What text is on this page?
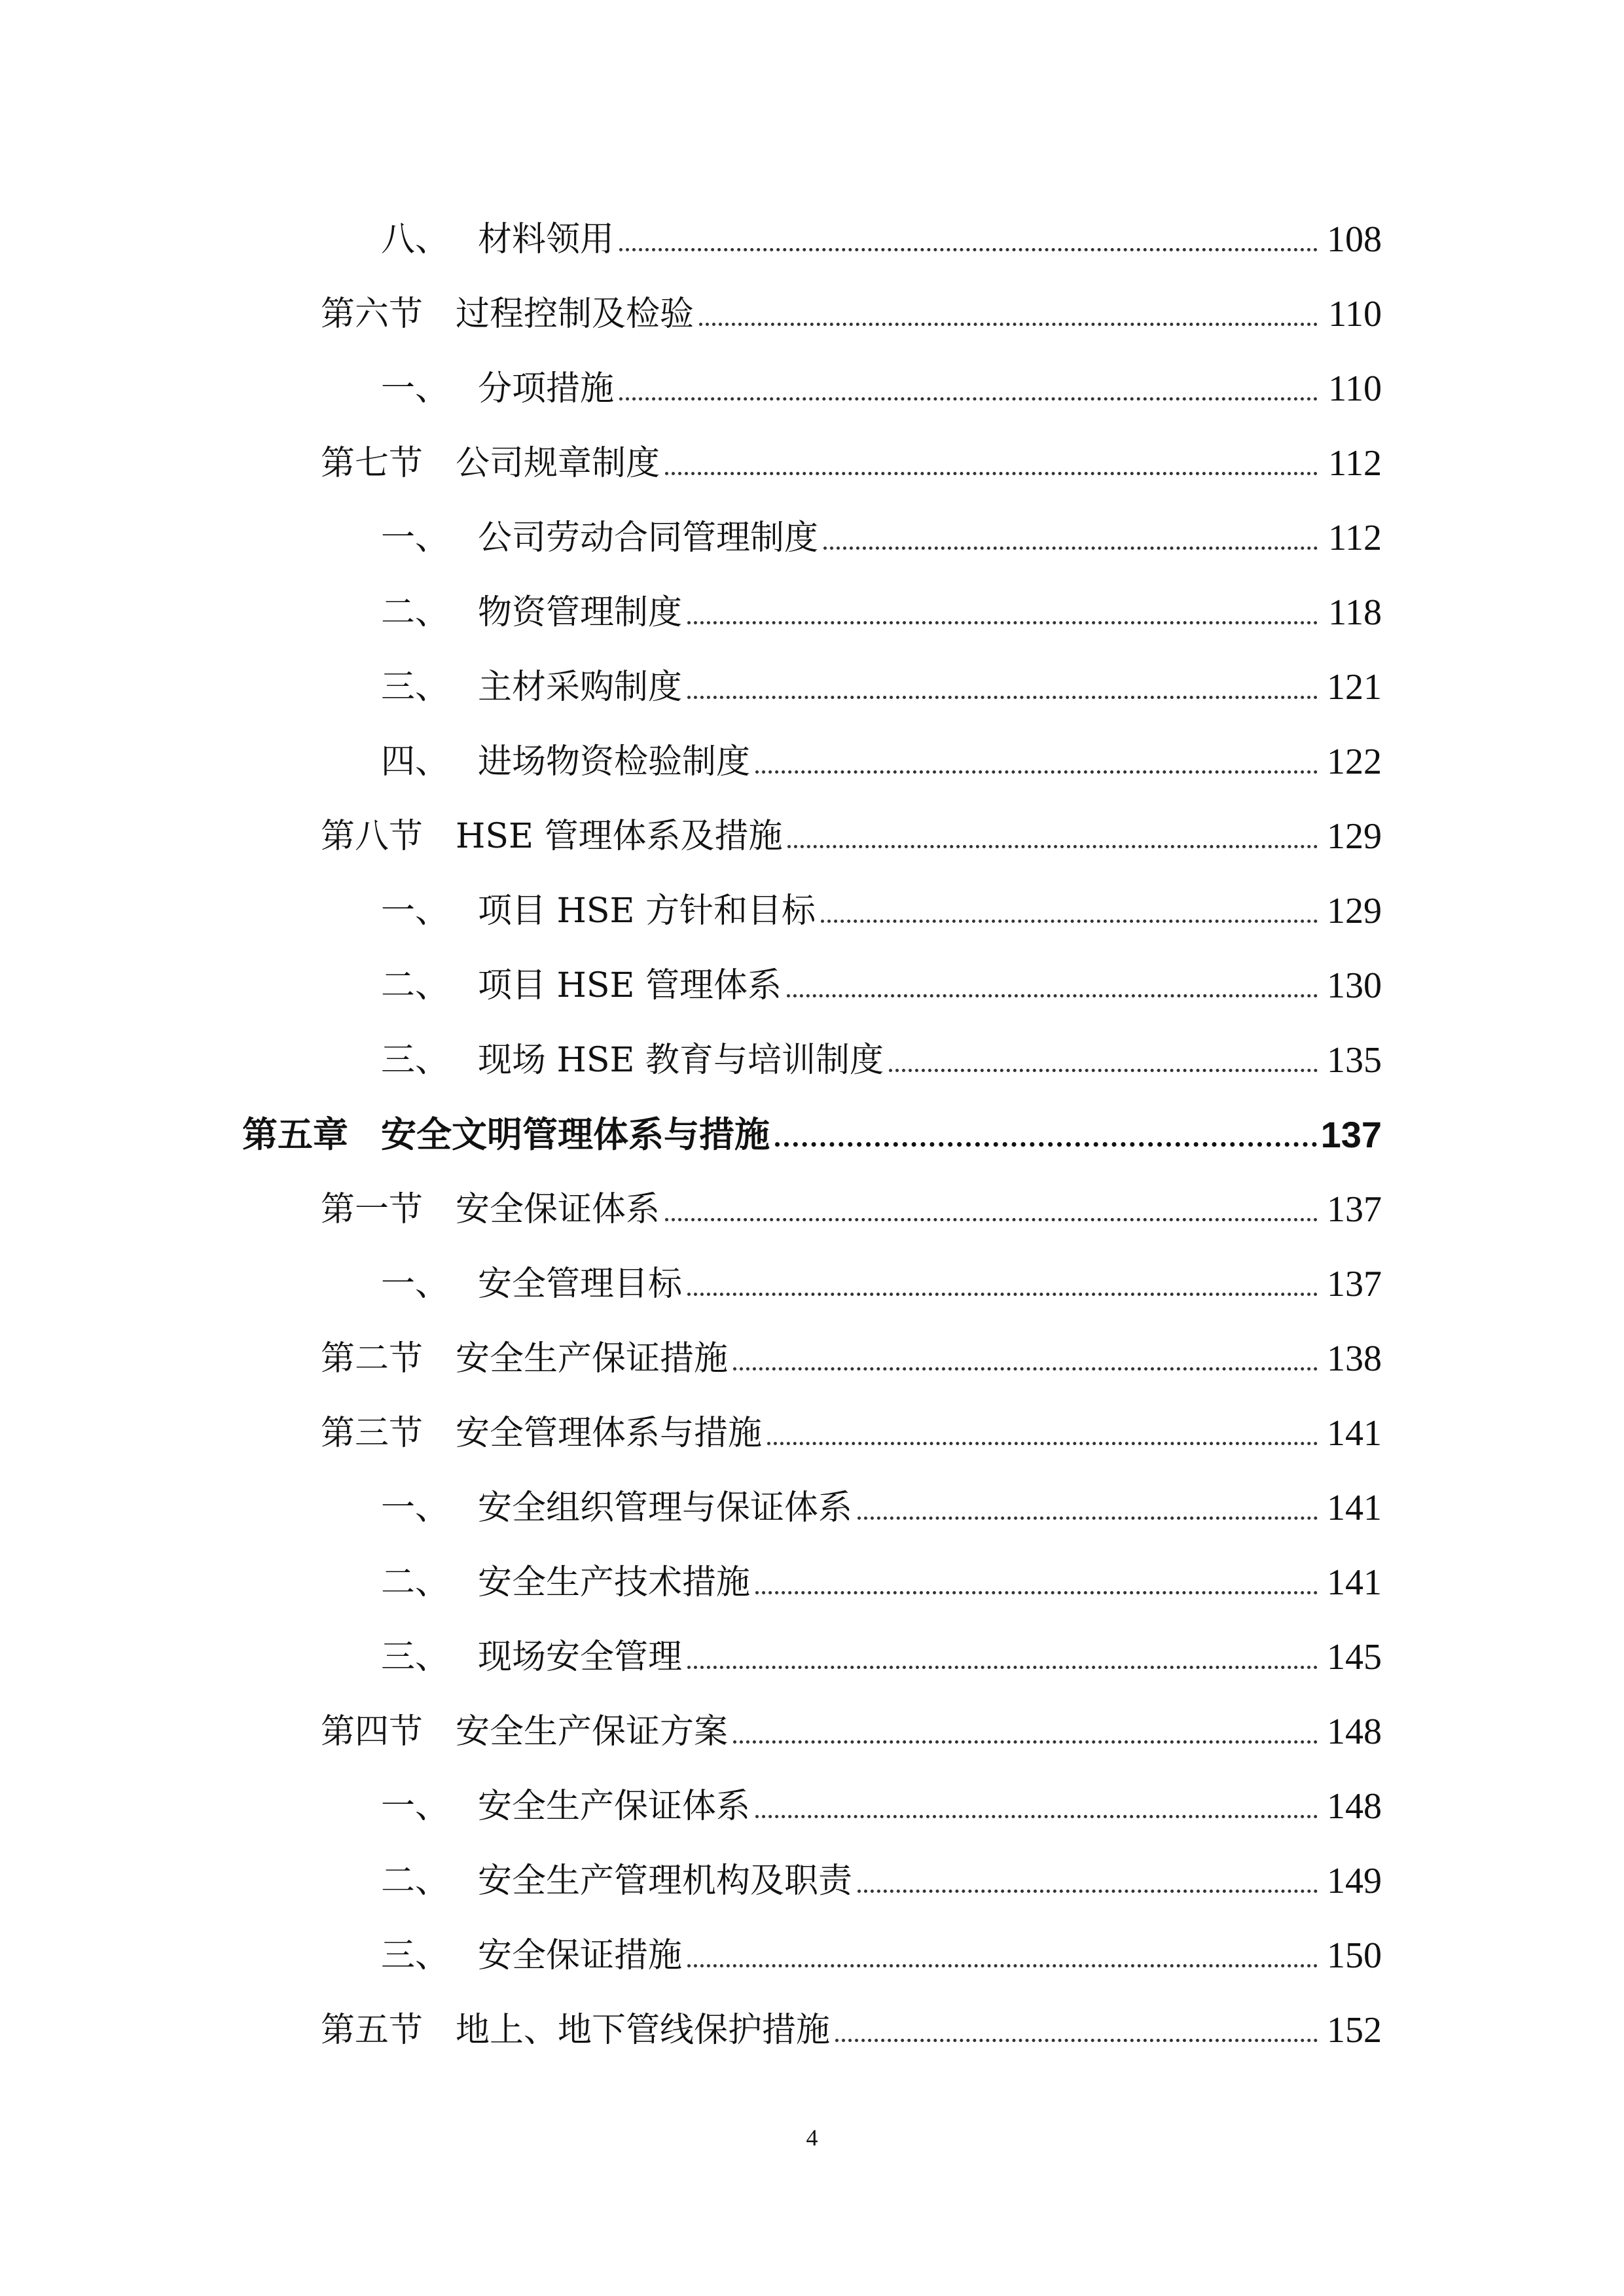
八、 材料领用	108
第六节 过程控制及检验	110
一、 分项措施	110
第七节 公司规章制度	112
一、 公司劳动合同管理制度	112
二、 物资管理制度	118
三、 主材采购制度	121
四、 进场物资检验制度	122
第八节 HSE 管理体系及措施	129
一、 项目 HSE 方针和目标	129
二、 项目 HSE 管理体系	130
三、 现场 HSE 教育与培训制度	135
第五章 安全文明管理体系与措施	137
第一节 安全保证体系	137
一、 安全管理目标	137
第二节 安全生产保证措施	138
第三节 安全管理体系与措施	141
一、 安全组织管理与保证体系	141
二、 安全生产技术措施	141
三、 现场安全管理	145
第四节 安全生产保证方案	148
一、 安全生产保证体系	148
二、 安全生产管理机构及职责	149
三、 安全保证措施	150
第五节 地上、地下管线保护措施	152
4
